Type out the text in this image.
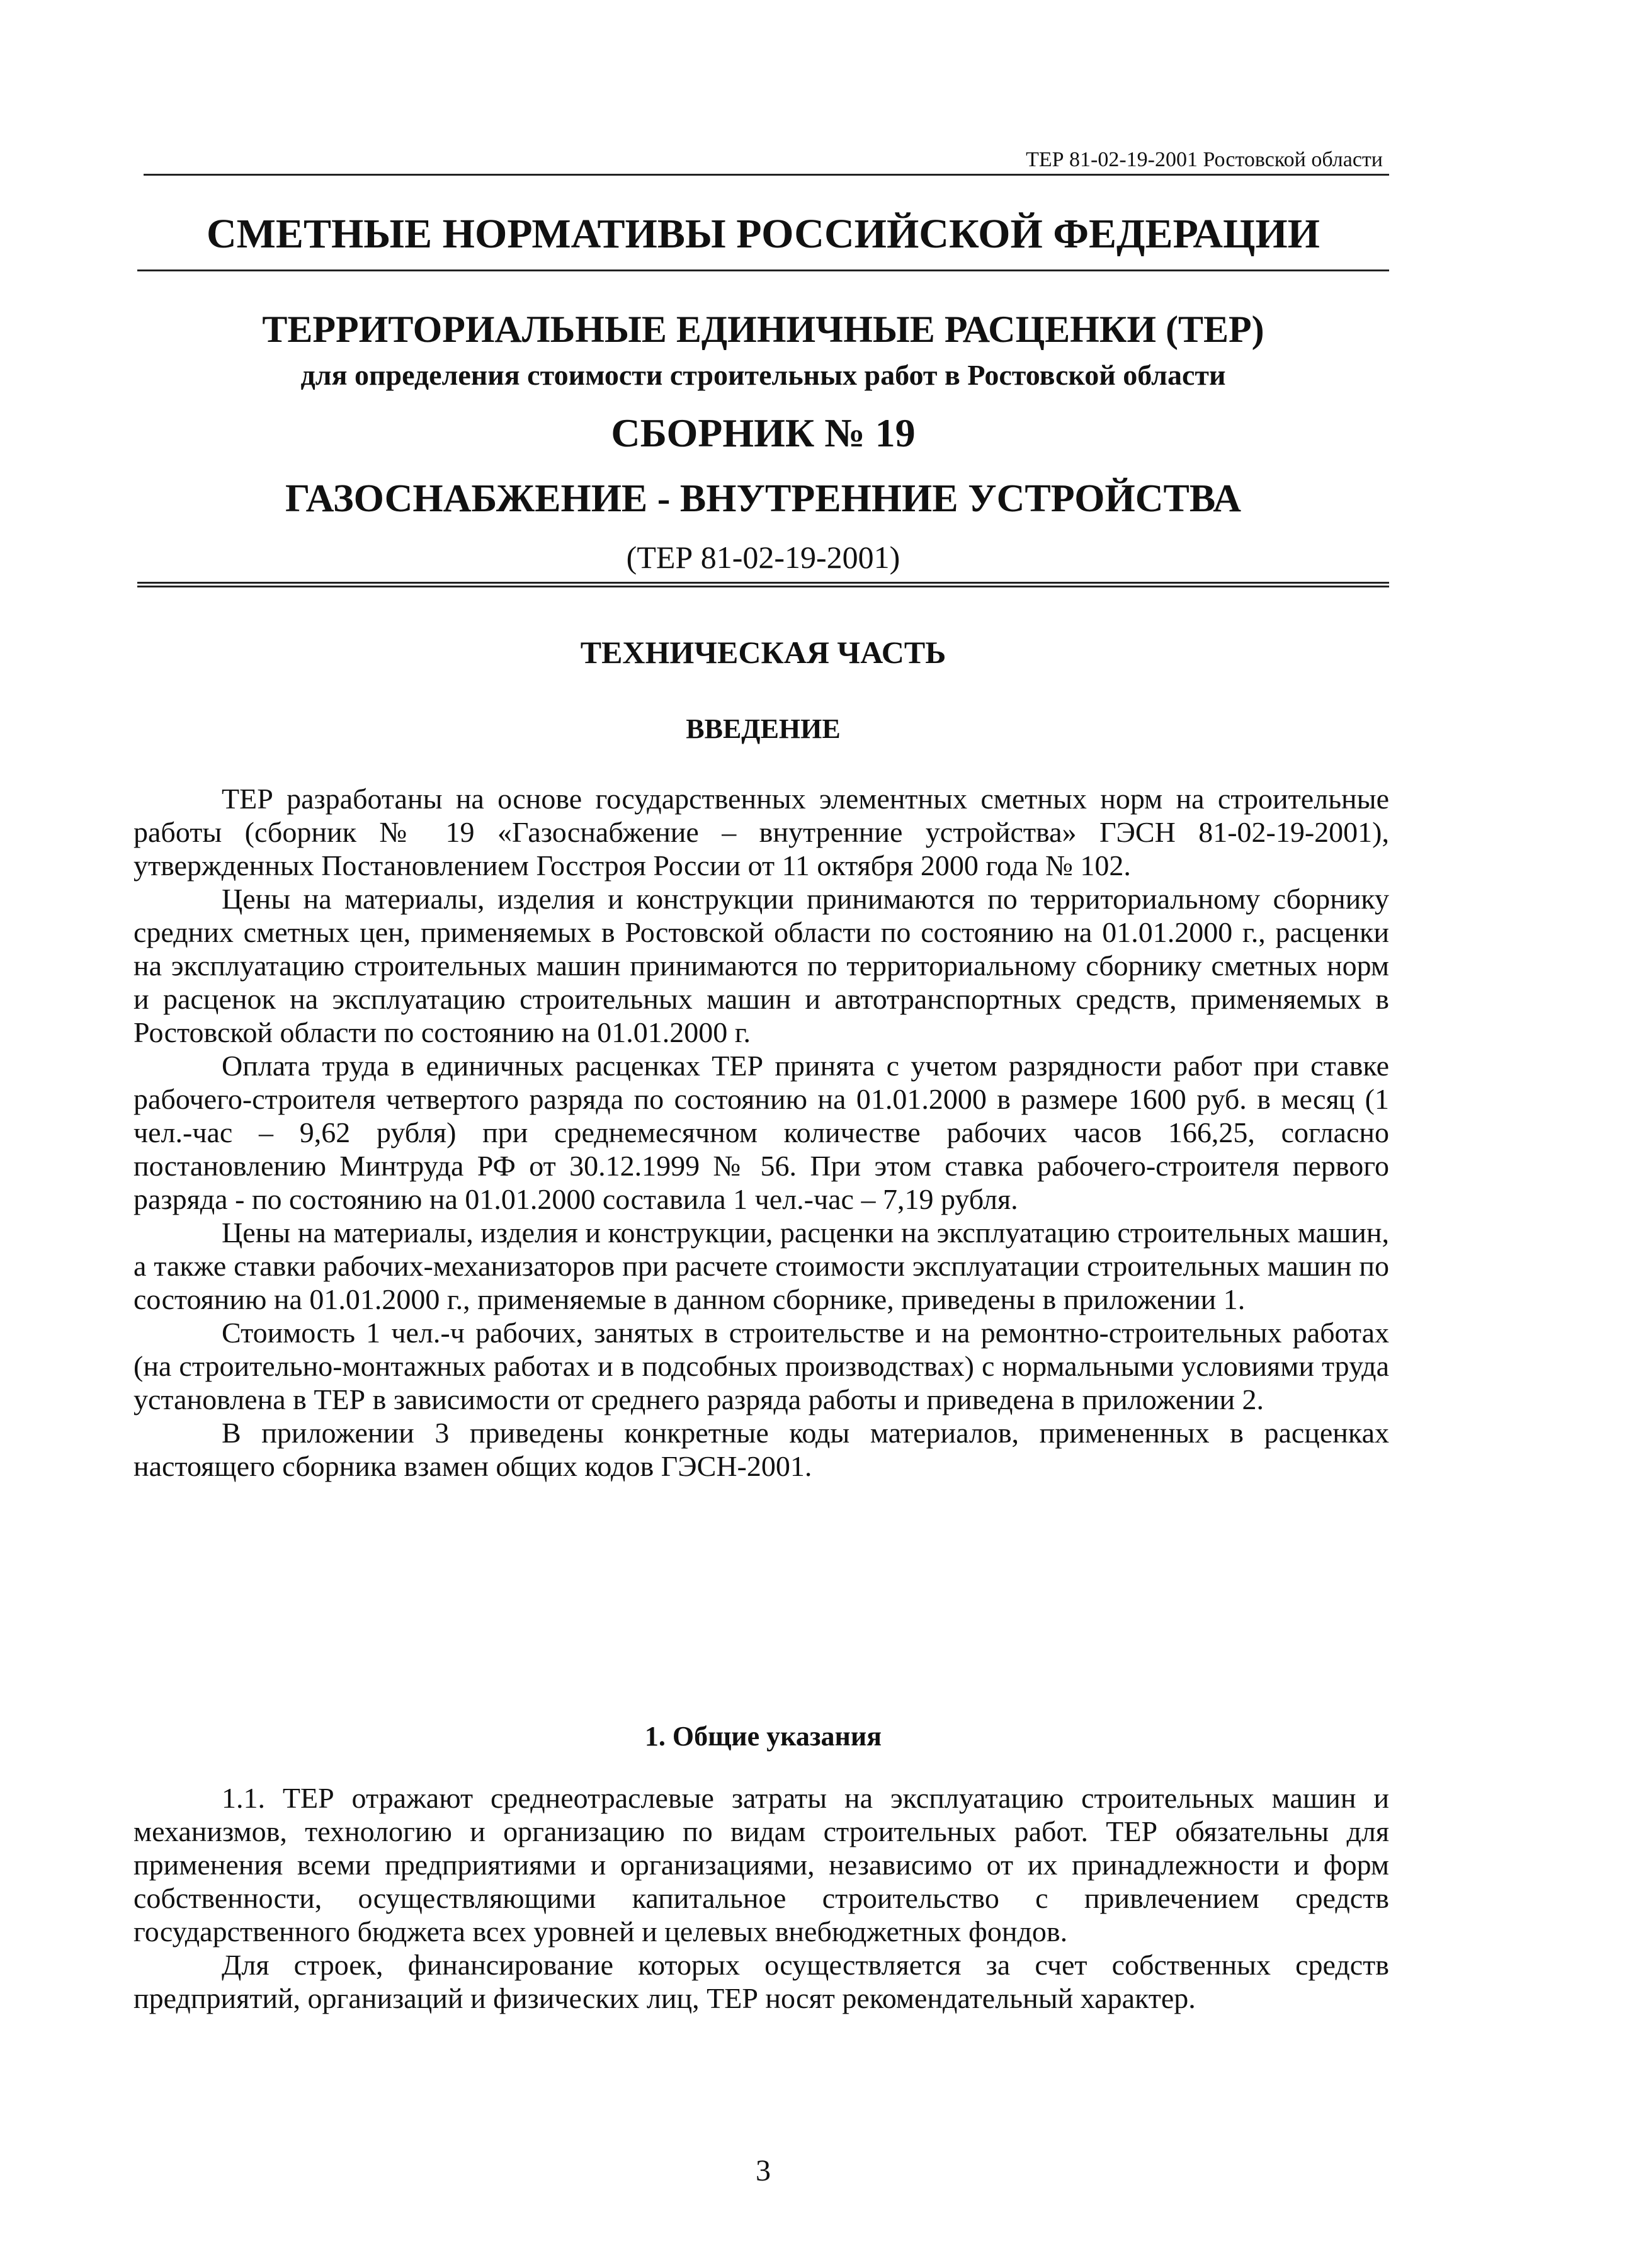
ТЕР 81-02-19-2001 Ростовской области
СМЕТНЫЕ НОРМАТИВЫ РОССИЙСКОЙ ФЕДЕРАЦИИ
ТЕРРИТОРИАЛЬНЫЕ ЕДИНИЧНЫЕ РАСЦЕНКИ (ТЕР)
для определения стоимости строительных работ в Ростовской области
СБОРНИК № 19
ГАЗОСНАБЖЕНИЕ - ВНУТРЕННИЕ УСТРОЙСТВА
(ТЕР 81-02-19-2001)
ТЕХНИЧЕСКАЯ ЧАСТЬ
ВВЕДЕНИЕ

ТЕР разработаны на основе государственных элементных сметных норм на строительные работы (сборник № 19 «Газоснабжение – внутренние устройства» ГЭСН 81-02-19-2001), утвержденных Постановлением Госстроя России от 11 октября 2000 года № 102.

Цены на материалы, изделия и конструкции принимаются по территориальному сборнику средних сметных цен, применяемых в Ростовской области по состоянию на 01.01.2000 г., расценки на эксплуатацию строительных машин принимаются по территориальному сборнику сметных норм и расценок на эксплуатацию строительных машин и автотранспортных средств, применяемых в Ростовской области по состоянию на 01.01.2000 г.

Оплата труда в единичных расценках ТЕР принята с учетом разрядности работ при ставке рабочего-строителя четвертого разряда по состоянию на 01.01.2000 в размере 1600 руб. в месяц (1 чел.-час – 9,62 рубля) при среднемесячном количестве рабочих часов 166,25, согласно постановлению Минтруда РФ от 30.12.1999 № 56. При этом ставка рабочего-строителя первого разряда - по состоянию на 01.01.2000 составила 1 чел.-час – 7,19 рубля.

Цены на материалы, изделия и конструкции, расценки на эксплуатацию строительных машин, а также ставки рабочих-механизаторов при расчете стоимости эксплуатации строительных машин по состоянию на 01.01.2000 г., применяемые в данном сборнике, приведены в приложении 1.

Стоимость 1 чел.-ч рабочих, занятых в строительстве и на ремонтно-строительных работах (на строительно-монтажных работах и в подсобных производствах) с нормальными условиями труда установлена в ТЕР в зависимости от среднего разряда работы и приведена в приложении 2.

В приложении 3 приведены конкретные коды материалов, примененных в расценках настоящего сборника взамен общих кодов ГЭСН-2001.

1. Общие указания

1.1. ТЕР отражают среднеотраслевые затраты на эксплуатацию строительных машин и механизмов, технологию и организацию по видам строительных работ. ТЕР обязательны для применения всеми предприятиями и организациями, независимо от их принадлежности и форм собственности, осуществляющими капитальное строительство с привлечением средств государственного бюджета всех уровней и целевых внебюджетных фондов.

Для строек, финансирование которых осуществляется за счет собственных средств предприятий, организаций и физических лиц, ТЕР носят рекомендательный характер.

3
